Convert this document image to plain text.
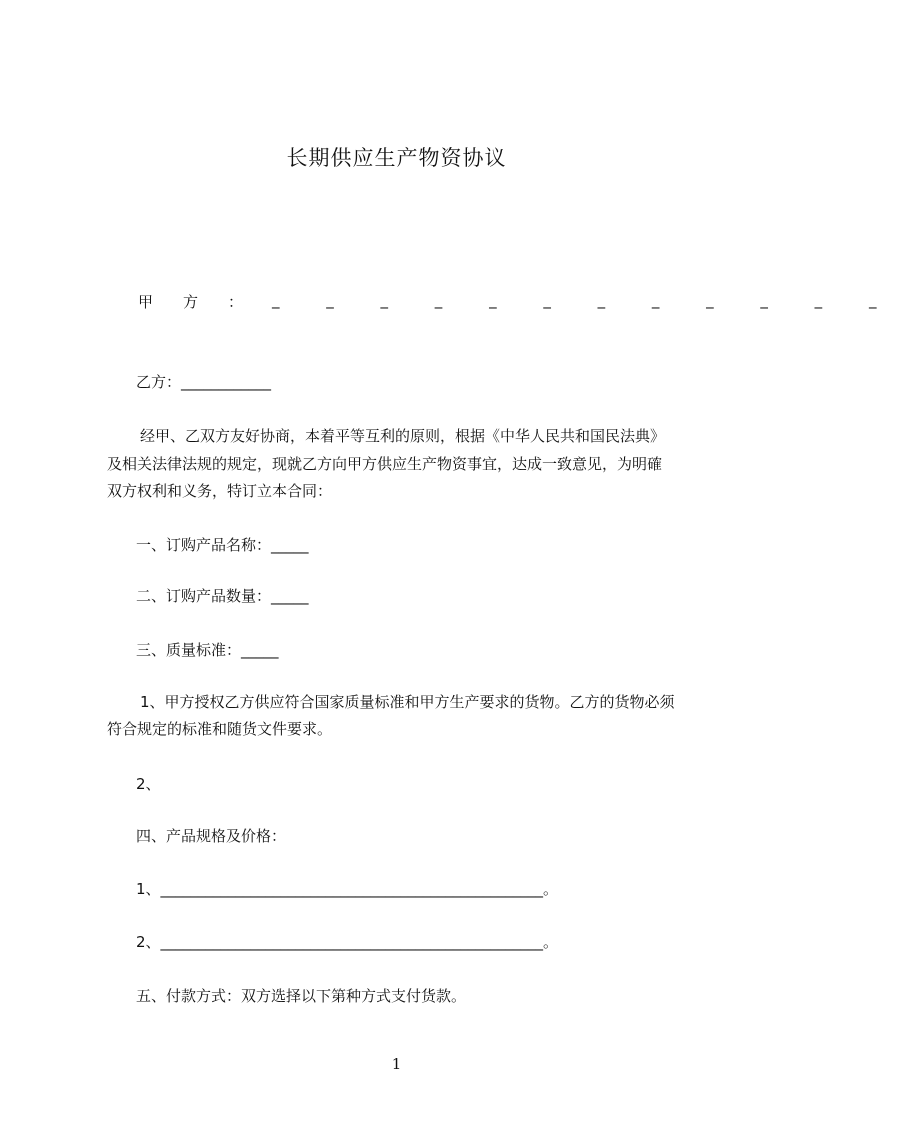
长期供应生产物资协议
甲　　方　　： _ _ _ _ _ _ _ _ _ _ _ _
乙方：____________
经甲、乙双方友好协商，本着平等互利的原则，根据《中华人民共和国民法典》
及相关法律法规的规定，现就乙方向甲方供应生产物资事宜，达成一致意见，为明確
双方权利和义务，特订立本合同：
一、订购产品名称：_____
二、订购产品数量：_____
三、质量标准：_____
1、甲方授权乙方供应符合国家质量标准和甲方生产要求的货物。乙方的货物必须
符合规定的标准和随货文件要求。
2、
四、产品规格及价格：
1、___________________________________________________。
2、___________________________________________________。
五、付款方式：双方选择以下第种方式支付货款。
1
